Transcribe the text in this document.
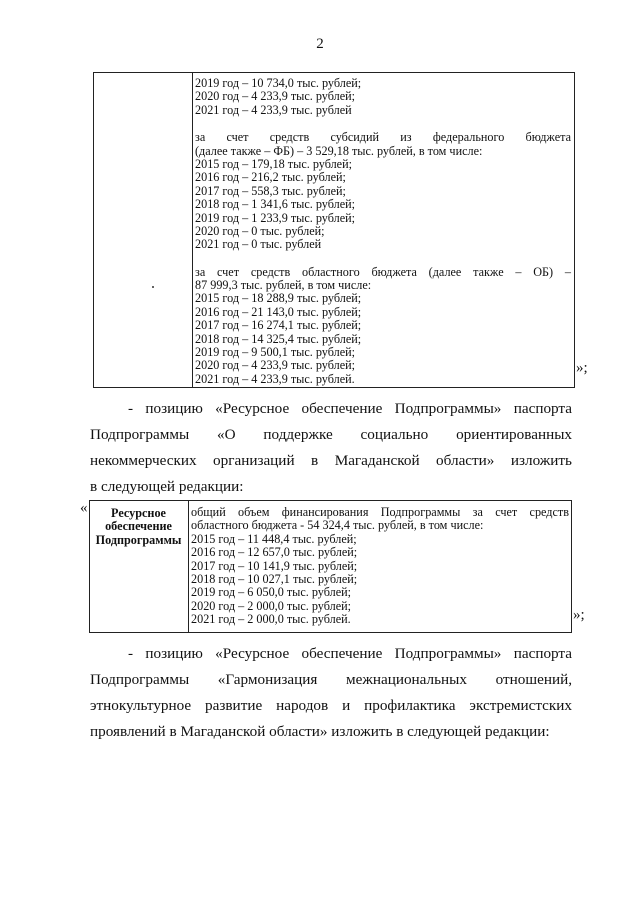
2
2019 год – 10 734,0 тыс. рублей;
2020 год – 4 233,9 тыс. рублей;
2021 год – 4 233,9 тыс. рублей
за счет средств субсидий из федерального бюджета
(далее также – ФБ) – 3 529,18 тыс. рублей, в том числе:
2015 год – 179,18 тыс. рублей;
2016 год – 216,2 тыс. рублей;
2017 год – 558,3 тыс. рублей;
2018 год – 1 341,6 тыс. рублей;
2019 год – 1 233,9 тыс. рублей;
2020 год – 0 тыс. рублей;
2021 год – 0 тыс. рублей
за счет средств областного бюджета (далее также – ОБ) –
87 999,3 тыс. рублей, в том числе:
2015 год – 18 288,9 тыс. рублей;
2016 год – 21 143,0 тыс. рублей;
2017 год – 16 274,1 тыс. рублей;
2018 год – 14 325,4 тыс. рублей;
2019 год – 9 500,1 тыс. рублей;
2020 год – 4 233,9 тыс. рублей;
2021 год – 4 233,9 тыс. рублей.
»;
- позицию «Ресурсное обеспечение Подпрограммы» паспорта
Подпрограммы «О поддержке социально ориентированных
некоммерческих организаций в Магаданской области» изложить
в следующей редакции:
«	Ресурсное
обеспечение
Подпрограммы
общий объем финансирования Подпрограммы за счет средств
областного бюджета - 54 324,4 тыс. рублей, в том числе:
2015 год – 11 448,4 тыс. рублей;
2016 год – 12 657,0 тыс. рублей;
2017 год – 10 141,9 тыс. рублей;
2018 год – 10 027,1 тыс. рублей;
2019 год – 6 050,0 тыс. рублей;
2020 год – 2 000,0 тыс. рублей;
2021 год – 2 000,0 тыс. рублей.	»;
- позицию «Ресурсное обеспечение Подпрограммы» паспорта
Подпрограммы «Гармонизация межнациональных отношений,
этнокультурное развитие народов и профилактика экстремистских
проявлений в Магаданской области» изложить в следующей редакции:
